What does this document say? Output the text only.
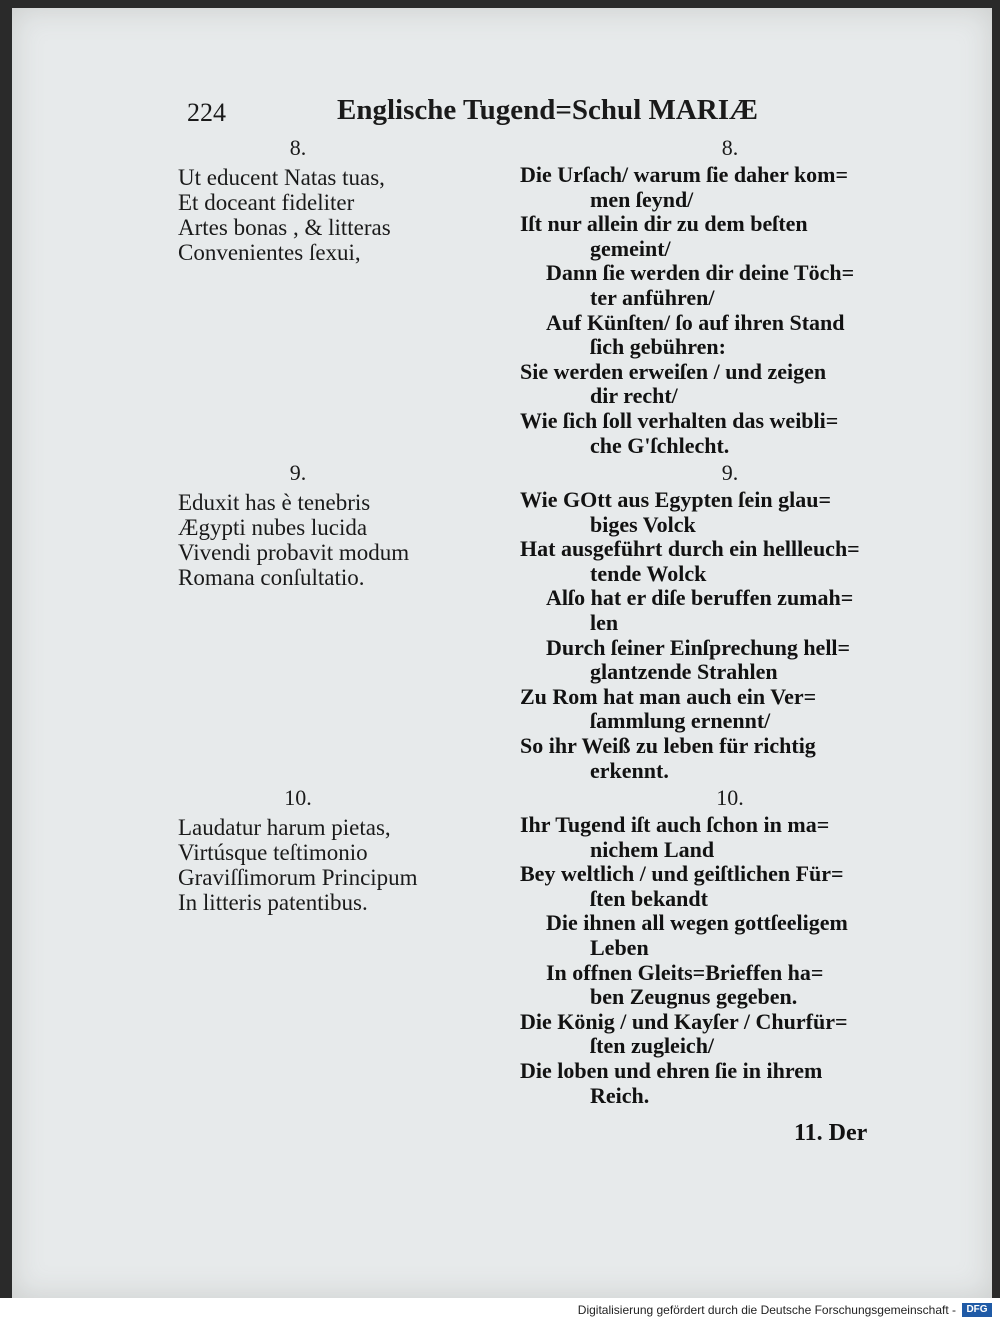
224	Englische Tugend=Schul MARIÆ
8.
Ut educent Natas tuas,
Et doceant fideliter
Artes bonas , & litteras
Convenientes ſexui,
9.
Eduxit has è tenebris
Ægypti nubes lucida
Vivendi probavit modum
Romana conſultatio.
10.
Laudatur harum pietas,
Virtúsque teſtimonio
Graviſſimorum Principum
In litteris patentibus.
8.
Die Urſach/ warum ſie daher kom=
men ſeynd/
Iſt nur allein dir zu dem beſten
gemeint/
Dann ſie werden dir deine Töch=
ter anführen/
Auf Künſten/ ſo auf ihren Stand
ſich gebühren:
Sie werden erweiſen / und zeigen
dir recht/
Wie ſich ſoll verhalten das weibli=
che G'ſchlecht.
9.
Wie GOtt aus Egypten ſein glau=
biges Volck
Hat ausgeführt durch ein hellleuch=
tende Wolck
Alſo hat er diſe beruffen zumah=
len
Durch ſeiner Einſprechung hell=
glantzende Strahlen
Zu Rom hat man auch ein Ver=
ſammlung ernennt/
So ihr Weiß zu leben für richtig
erkennt.
10.
Ihr Tugend iſt auch ſchon in ma=
nichem Land
Bey weltlich / und geiſtlichen Für=
ſten bekandt
Die ihnen all wegen gottſeeligem
Leben
In offnen Gleits=Brieffen ha=
ben Zeugnus gegeben.
Die König / und Kayſer / Churfür=
ſten zugleich/
Die loben und ehren ſie in ihrem
Reich.
11. Der
Digitalisierung gefördert durch die Deutsche Forschungsgemeinschaft -	DFG
